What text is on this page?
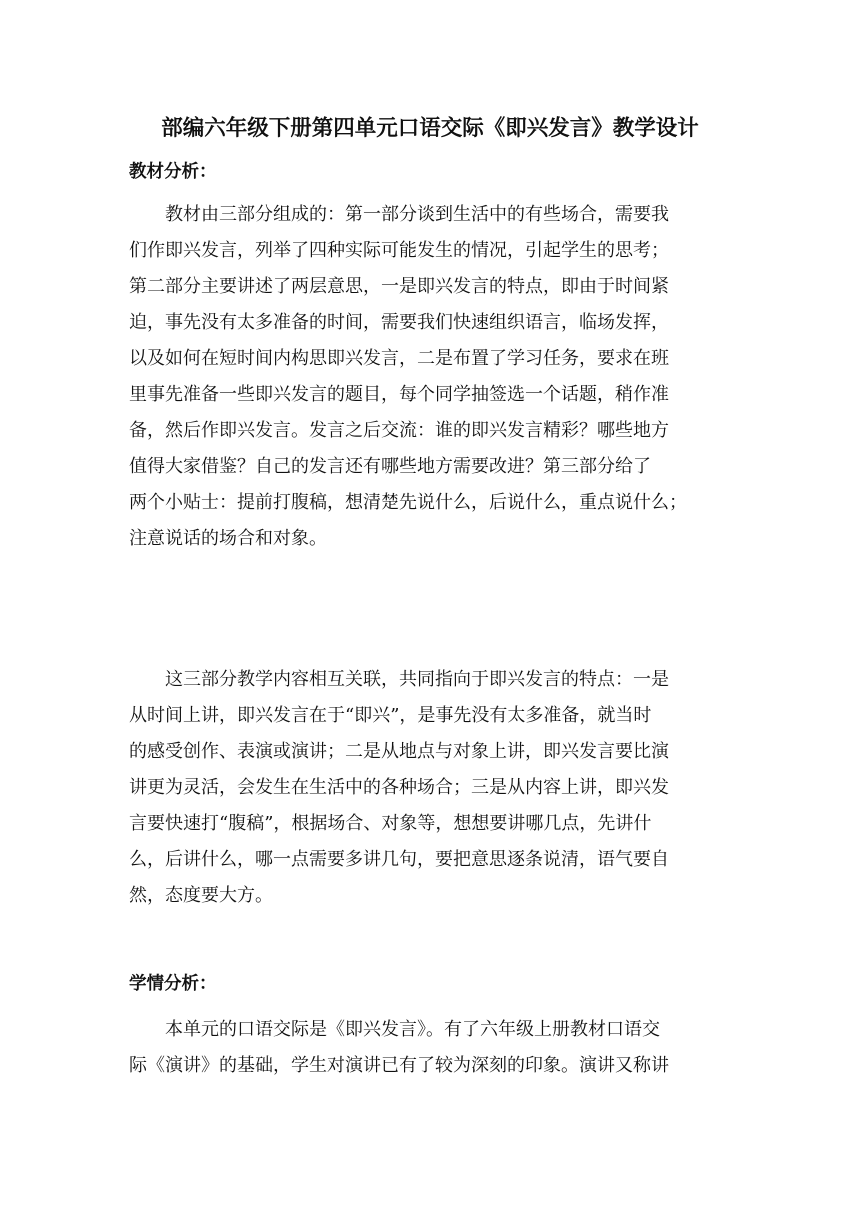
部编六年级下册第四单元口语交际《即兴发言》教学设计
教材分析：

教材由三部分组成的：第一部分谈到生活中的有些场合，需要我
们作即兴发言，列举了四种实际可能发生的情况，引起学生的思考；
第二部分主要讲述了两层意思，一是即兴发言的特点，即由于时间紧
迫，事先没有太多准备的时间，需要我们快速组织语言，临场发挥，
以及如何在短时间内构思即兴发言，二是布置了学习任务，要求在班
里事先准备一些即兴发言的题目，每个同学抽签选一个话题，稍作准
备，然后作即兴发言。发言之后交流：谁的即兴发言精彩？哪些地方
值得大家借鉴？自己的发言还有哪些地方需要改进？第三部分给了
两个小贴士：提前打腹稿，想清楚先说什么，后说什么，重点说什么；
注意说话的场合和对象。

这三部分教学内容相互关联，共同指向于即兴发言的特点：一是
从时间上讲，即兴发言在于“即兴”，是事先没有太多准备，就当时
的感受创作、表演或演讲；二是从地点与对象上讲，即兴发言要比演
讲更为灵活，会发生在生活中的各种场合；三是从内容上讲，即兴发
言要快速打“腹稿”，根据场合、对象等，想想要讲哪几点，先讲什
么，后讲什么，哪一点需要多讲几句，要把意思逐条说清，语气要自
然，态度要大方。

学情分析：

本单元的口语交际是《即兴发言》。有了六年级上册教材口语交
际《演讲》的基础，学生对演讲已有了较为深刻的印象。演讲又称讲
